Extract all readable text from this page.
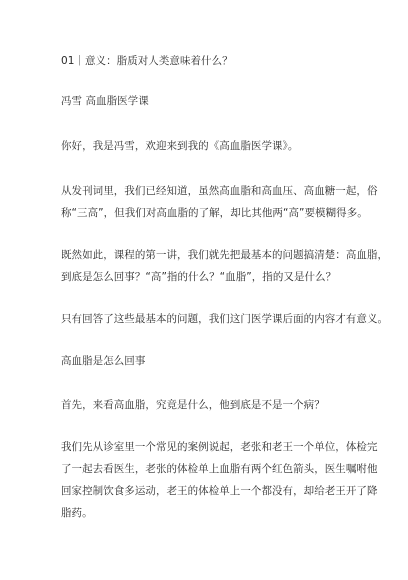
01｜意义：脂质对人类意味着什么？
冯雪 高血脂医学课
你好，我是冯雪，欢迎来到我的《高血脂医学课》。
从发刊词里，我们已经知道，虽然高血脂和高血压、高血糖一起，俗
称“三高”，但我们对高血脂的了解，却比其他两“高”要模糊得多。
既然如此，课程的第一讲，我们就先把最基本的问题搞清楚：高血脂，
到底是怎么回事？“高”指的什么？“血脂”，指的又是什么？
只有回答了这些最基本的问题，我们这门医学课后面的内容才有意义。
高血脂是怎么回事
首先，来看高血脂，究竟是什么，他到底是不是一个病？
我们先从诊室里一个常见的案例说起，老张和老王一个单位，体检完
了一起去看医生，老张的体检单上血脂有两个红色箭头，医生嘱咐他
回家控制饮食多运动，老王的体检单上一个都没有，却给老王开了降
脂药。
